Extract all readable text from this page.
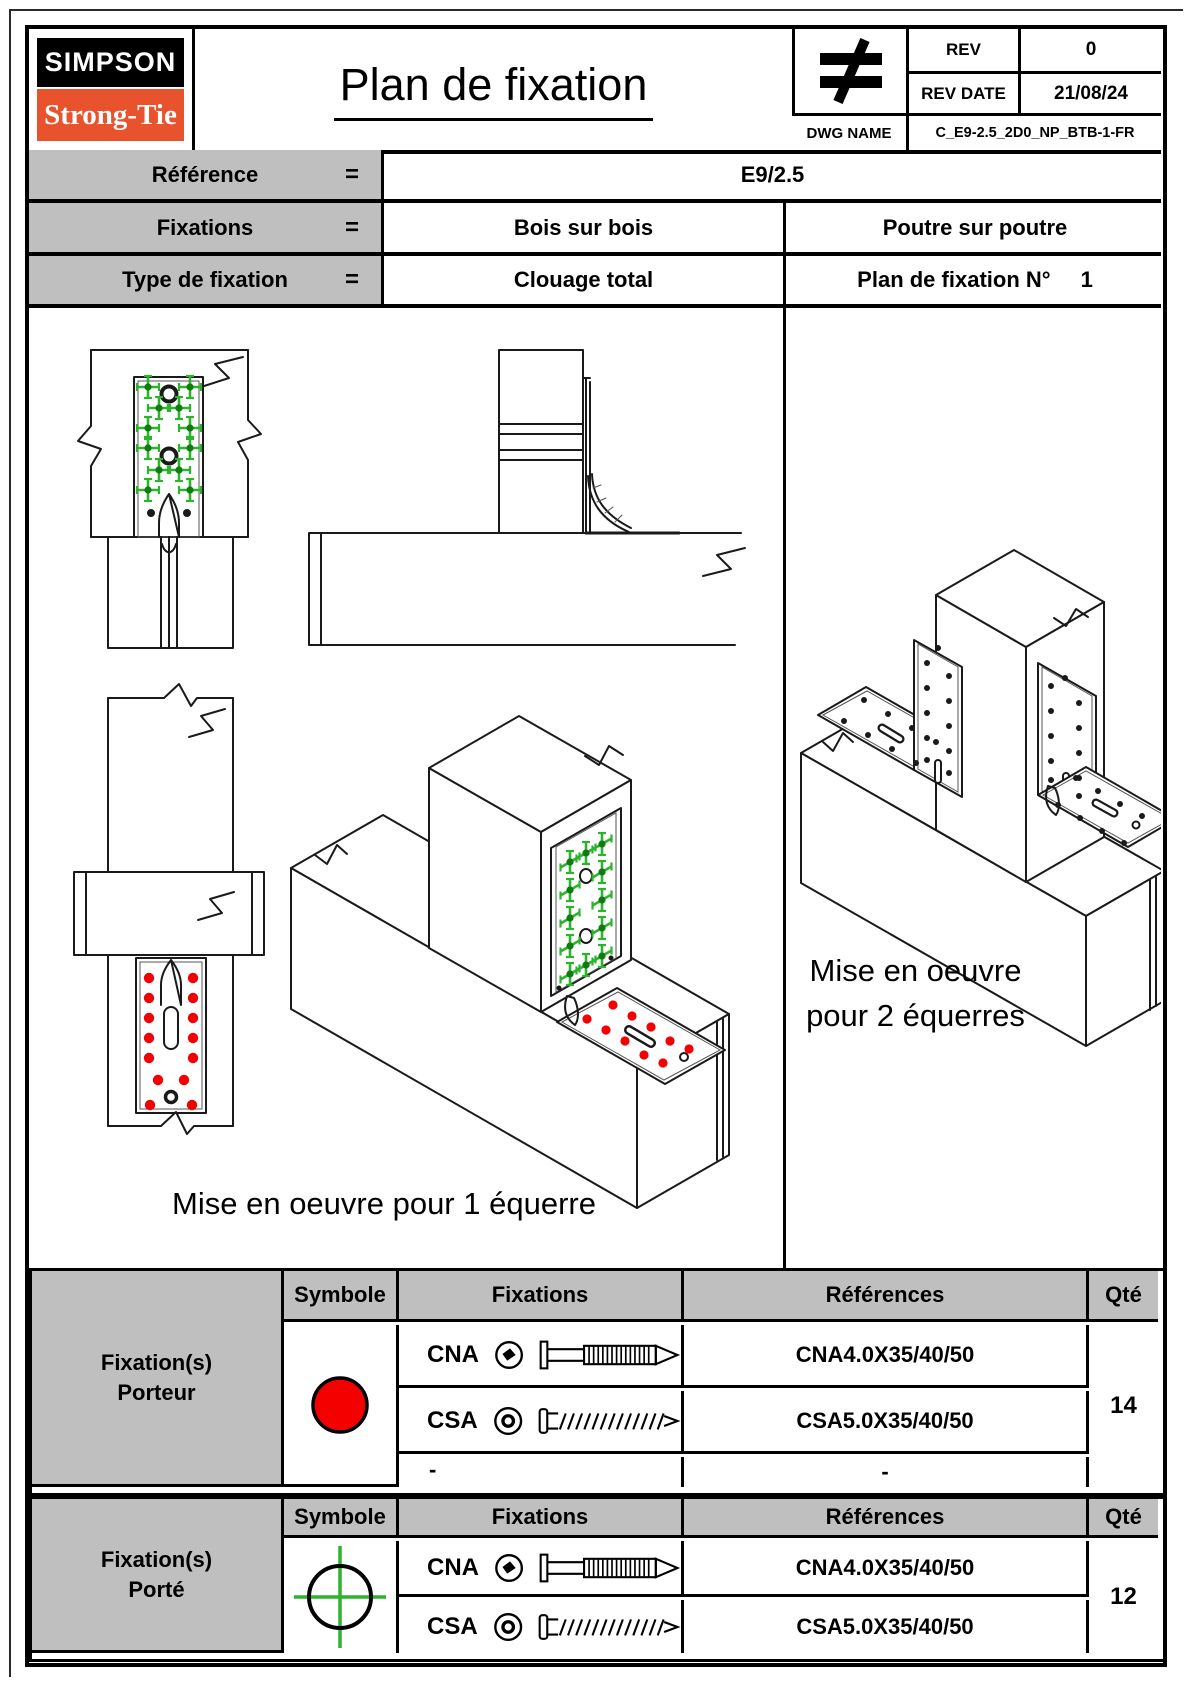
SIMPSON
Strong-Tie
Plan de fixation
REV	0
REV DATE	21/08/24
DWG NAME	C_E9-2.5_2D0_NP_BTB-1-FR
Référence	=	E9/2.5
Fixations	=	Bois sur bois	Poutre sur poutre
Type de fixation =	Clouage total	Plan de fixation N° 1
Mise en oeuvre pour 1 équerre
Mise en oeuvre
pour 2 équerres
Fixation(s)
Porteur
Symbole	Fixations	Références	Qté
CNA	CNA4.0X35/40/50
CSA	CSA5.0X35/40/50
-	-
14
Fixation(s)
Porté
Symbole	Fixations	Références	Qté
CNA	CNA4.0X35/40/50
CSA	CSA5.0X35/40/50
12
